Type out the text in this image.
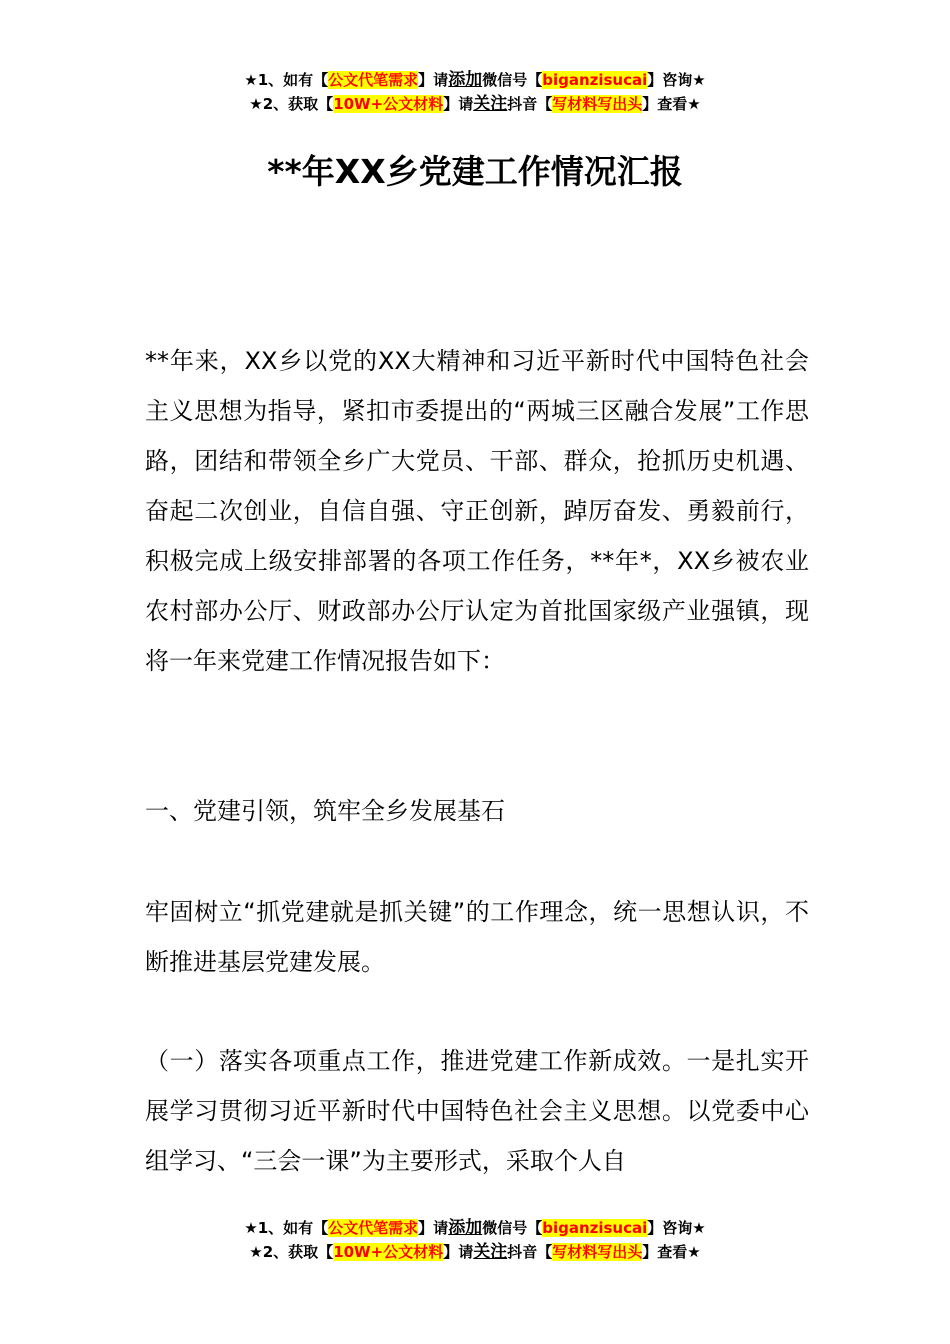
★1、如有【公文代笔需求】请添加微信号【biganzisucai】咨询★
★2、获取【10W+公文材料】请关注抖音【写材料写出头】查看★
**年XX乡党建工作情况汇报

**年来，XX乡以党的XX大精神和习近平新时代中国特色社会主义思想为指导，紧扣市委提出的“两城三区融合发展”工作思路，团结和带领全乡广大党员、干部、群众，抢抓历史机遇、奋起二次创业，自信自强、守正创新，踔厉奋发、勇毅前行，积极完成上级安排部署的各项工作任务，**年*，XX乡被农业农村部办公厅、财政部办公厅认定为首批国家级产业强镇，现将一年来党建工作情况报告如下：

一、党建引领，筑牢全乡发展基石

牢固树立“抓党建就是抓关键”的工作理念，统一思想认识，不断推进基层党建发展。

（一）落实各项重点工作，推进党建工作新成效。一是扎实开展学习贯彻习近平新时代中国特色社会主义思想。以党委中心组学习、“三会一课”为主要形式，采取个人自

★1、如有【公文代笔需求】请添加微信号【biganzisucai】咨询★
★2、获取【10W+公文材料】请关注抖音【写材料写出头】查看★
